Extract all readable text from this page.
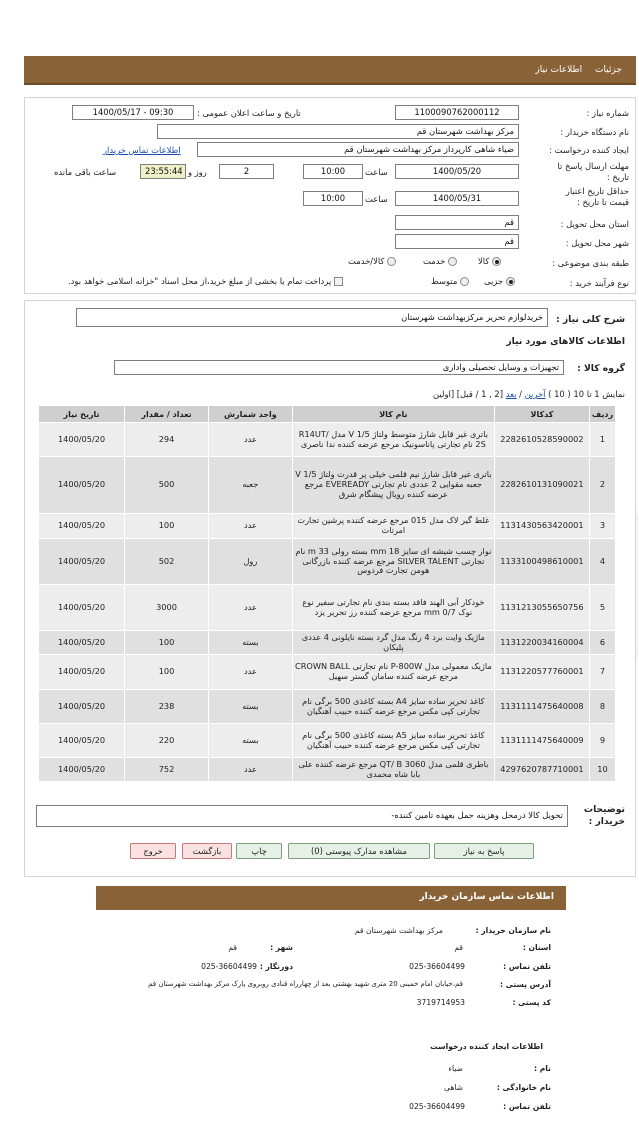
جزئیات اطلاعات نیاز
شماره نیاز :
1100090762000112
تاریخ و ساعت اعلان عمومی :
1400/05/17 - 09:30
نام دستگاه خریدار :
مرکز بهداشت شهرستان قم
ایجاد کننده درخواست :
ضیاء شاهی کارپرداز مرکز بهداشت شهرستان قم
اطلاعات تماس خریدار
مهلت ارسال پاسخ تا تاریخ :
1400/05/20
ساعت
10:00
2
روز و
23:55:44
ساعت باقی مانده
حداقل تاریخ اعتبار قیمت تا تاریخ :
1400/05/31
ساعت
10:00
استان محل تحویل :
قم
شهر محل تحویل :
قم
طبقه بندی موضوعی :
کالا
خدمت
کالا/خدمت
نوع فرآیند خرید :
جزیی
متوسط
پرداخت تمام یا بخشی از مبلغ خرید،از محل اسناد "خزانه اسلامی خواهد بود.
شرح کلی نیاز :
خریدلوازم تحریر مرکزبهداشت شهرستان
اطلاعات کالاهای مورد نیاز
گروه کالا :
تجهیزات و وسایل تحصیلی واداری
نمایش 1 تا 10 ( 10 ) آخرین / بعد [2 , 1 / قبل] [اولین
ردیف	کدکالا	نام کالا	واحد شمارش	تعداد / مقدار	تاریخ نیاز
1	2282610528590002	باتری غیر قابل شارژ متوسط ولتاژ 1/5 V مدل R14UT/ 2S نام تجارتی پاناسونیک مرجع عرضه کننده ندا ناصری	عدد	294	1400/05/20
2	2282610131090021	باتری غیر قابل شارژ نیم قلمی خیلی پر قدرت ولتاژ 1/5 V جعبه مقوایی 2 عددی نام تجارتی EVEREADY مرجع عرضه کننده رویال پیشگام شرق	جعبه	500	1400/05/20
3	1131430563420001	غلط گیر لاک مدل 015 مرجع عرضه کننده پرشین تجارت امرتات	عدد	100	1400/05/20
4	1133100498610001	نوار چسب شیشه ای سایز 18 mm بسته رولی 33 m نام تجارتی SILVER TALENT مرجع عرضه کننده بازرگانی هومن تجارت فردوس	رول	502	1400/05/20
5	1131213055650756	خودکار آبی الهند فاقد بسته بندی نام تجارتی سفیر نوع نوک 0/7 mm مرجع عرضه کننده رز تحریر یزد	عدد	3000	1400/05/20
6	1131220034160004	ماژیک وایت برد 4 رنگ مدل گرد بسته نایلونی 4 عددی پلیکان	بسته	100	1400/05/20
7	1131220577760001	ماژیک معمولی مدل P-800W نام تجارتی CROWN BALL مرجع عرضه کننده سامان گستر سهیل	عدد	100	1400/05/20
8	1131111475640008	کاغذ تحریر ساده سایز A4 بسته کاغذی 500 برگی نام تجارتی کپی مکس مرجع عرضه کننده حبیب آهنگیان	بسته	238	1400/05/20
9	1131111475640009	کاغذ تحریر ساده سایز A5 بسته کاغذی 500 برگی نام تجارتی کپی مکس مرجع عرضه کننده حبیب آهنگیان	بسته	220	1400/05/20
10	4297620787710001	باطری قلمی مدل QT/ B 3060 مرجع عرضه کننده علی بابا شاه محمدی	عدد	752	1400/05/20
توضیحات خریدار :
تحویل کالا درمحل وهزینه حمل بعهده تامین کننده-
پاسخ به نیاز
مشاهده مدارک پیوستی (0)
چاپ
بازگشت
خروج
اطلاعات تماس سازمان خریدار
نام سازمان خریدار :
مرکز بهداشت شهرستان قم
استان :
قم
شهر :
قم
تلفن تماس :
025-36604499
دورنگار :
025-36604499
آدرس پستی :
قم،خیابان امام خمینی 20 متری شهید بهشتی بعد از چهارراه قنادی روبروی پارک مرکز بهداشت شهرستان قم
کد پستی :
3719714953
اطلاعات ایجاد کننده درخواست
نام :
ضیاء
نام خانوادگی :
شاهی
تلفن تماس :
025-36604499
